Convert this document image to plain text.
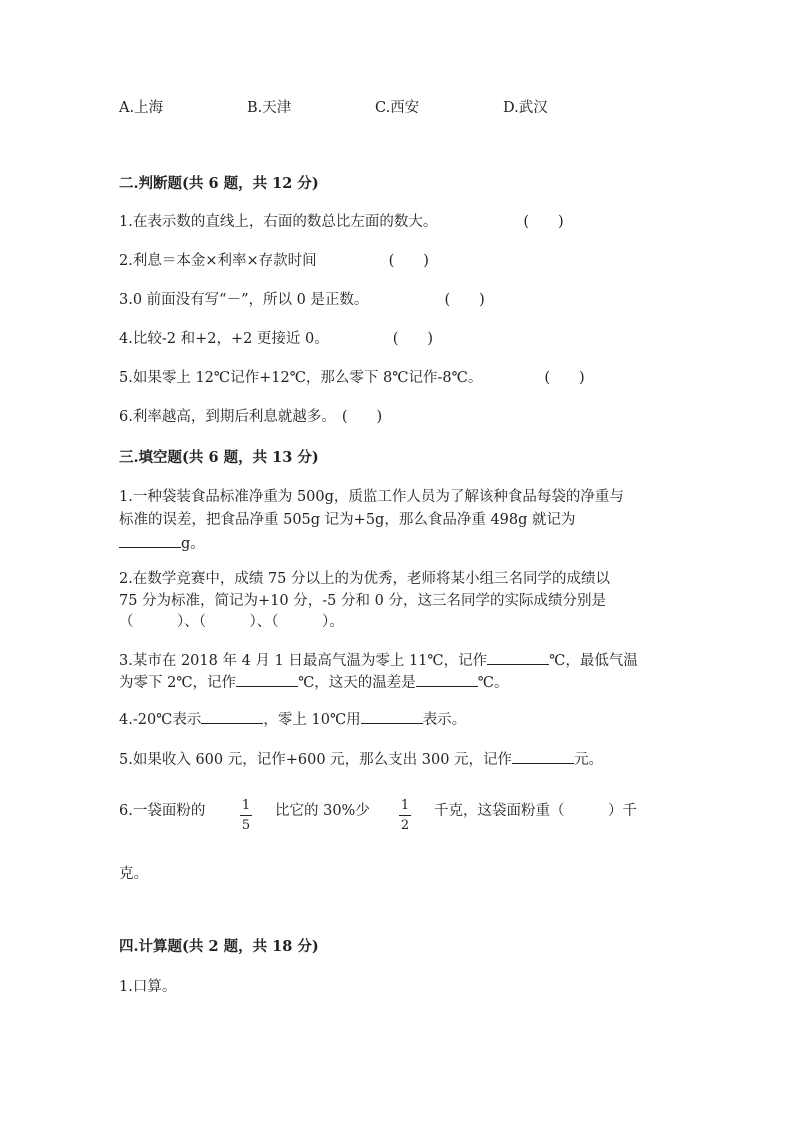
A.上海	B.天津	C.西安	D.武汉
二.判断题(共 6 题，共 12 分)
1.在表示数的直线上，右面的数总比左面的数大。	(　　)
2.利息＝本金×利率×存款时间	(　　)
3.0 前面没有写“－”，所以 0 是正数。	(　　)
4.比较-2 和+2，+2 更接近 0。	(　　)
5.如果零上 12℃记作+12℃，那么零下 8℃记作-8℃。	(　　)
6.利率越高，到期后利息就越多。 (　　)
三.填空题(共 6 题，共 13 分)
1.一种袋装食品标准净重为 500g，质监工作人员为了解该种食品每袋的净重与
标准的误差，把食品净重 505g 记为+5g，那么食品净重 498g 就记为
g。
2.在数学竞赛中，成绩 75 分以上的为优秀，老师将某小组三名同学的成绩以
75 分为标准，简记为+10 分，-5 分和 0 分，这三名同学的实际成绩分别是
（　　　）、（　　　）、（　　　）。
3.某市在 2018 年 4 月 1 日最高气温为零上 11℃，记作	℃，最低气温
为零下 2℃，记作	℃，这天的温差是	℃。
4.-20℃表示	，零上 10℃用	表示。
5.如果收入 600 元，记作+600 元，那么支出 300 元，记作	元。
6.一袋面粉的	1
5
比它的 30%少 1
2
千克，这袋面粉重（　　　）千
克。
四.计算题(共 2 题，共 18 分)
1.口算。
